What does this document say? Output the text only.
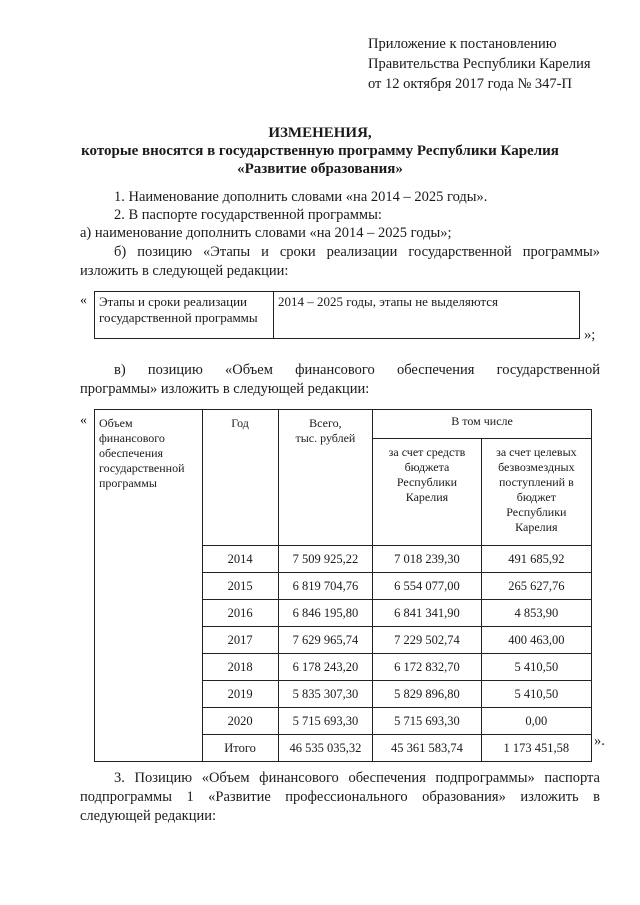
Приложение к постановлению
Правительства Республики Карелия
от 12 октября 2017 года № 347-П
ИЗМЕНЕНИЯ,
которые вносятся в государственную программу Республики Карелия
«Развитие образования»
1. Наименование дополнить словами «на 2014 – 2025 годы».
2. В паспорте государственной программы:
а) наименование дополнить словами «на 2014 – 2025 годы»;
б) позицию «Этапы и сроки реализации государственной программы»
изложить в следующей редакции:
« Этапы и сроки реализации государственной программы	2014 – 2025 годы, этапы не выделяются
»;
в) позицию «Объем финансового обеспечения государственной
программы» изложить в следующей редакции:
« Объем финансового обеспечения государственной программы	Год	Всего,
тыс. рублей	В том числе	
			за счет средств бюджета Республики Карелия	за счет целевых безвозмездных поступлений в бюджет Республики Карелия
	2014	7 509 925,22	7 018 239,30	491 685,92
	2015	6 819 704,76	6 554 077,00	265 627,76
	2016	6 846 195,80	6 841 341,90	4 853,90
	2017	7 629 965,74	7 229 502,74	400 463,00
	2018	6 178 243,20	6 172 832,70	5 410,50
	2019	5 835 307,30	5 829 896,80	5 410,50
	2020	5 715 693,30	5 715 693,30	0,00
	Итого	46 535 035,32	45 361 583,74	1 173 451,58 ».
3. Позицию «Объем финансового обеспечения подпрограммы» паспорта
подпрограммы 1 «Развитие профессионального образования» изложить в
следующей редакции:
